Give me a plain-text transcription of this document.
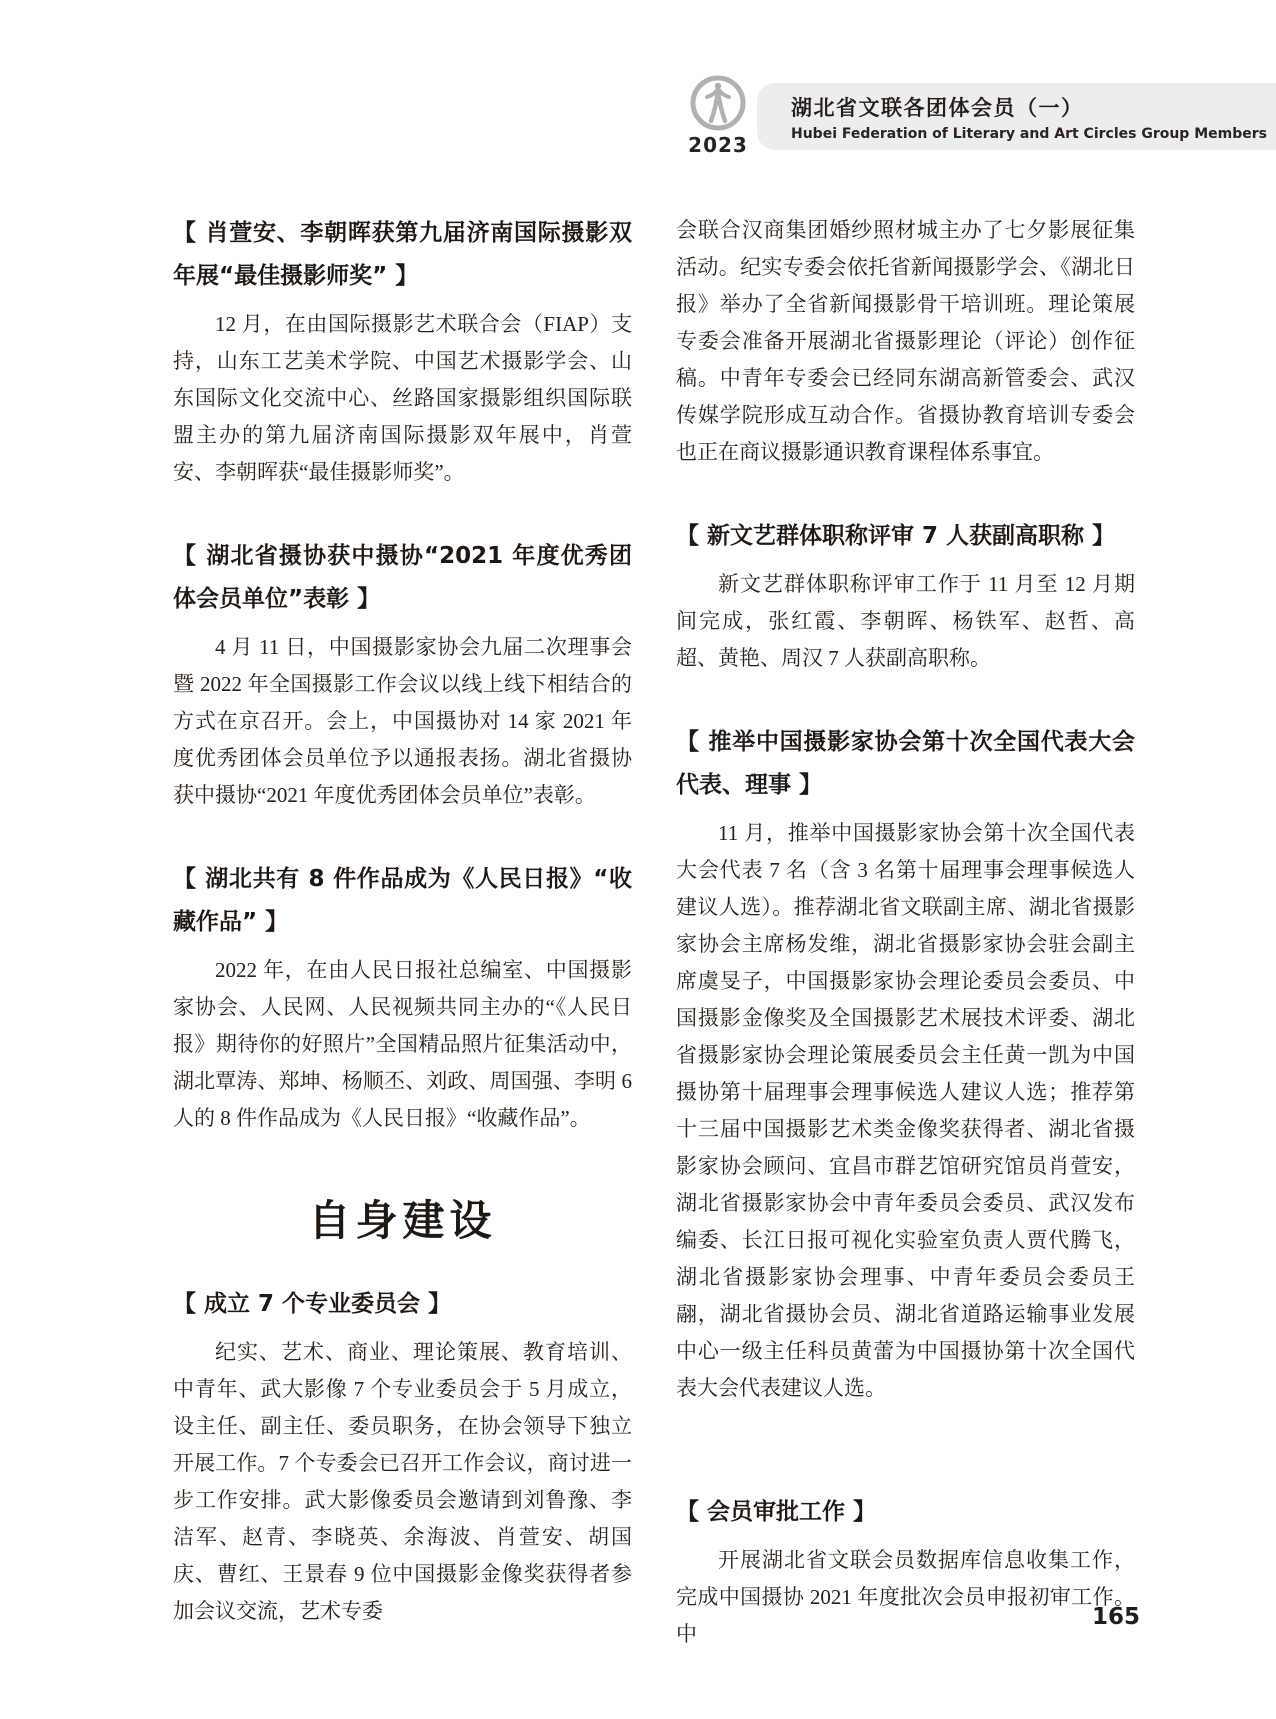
2023
湖北省文联各团体会员（一）
Hubei Federation of Literary and Art Circles Group Members
【 肖萱安、李朝晖获第九届济南国际摄影双年展“最佳摄影师奖” 】

12 月，在由国际摄影艺术联合会（FIAP）支持，山东工艺美术学院、中国艺术摄影学会、山东国际文化交流中心、丝路国家摄影组织国际联盟主办的第九届济南国际摄影双年展中，肖萱安、李朝晖获“最佳摄影师奖”。

【 湖北省摄协获中摄协“2021 年度优秀团体会员单位”表彰 】

4 月 11 日，中国摄影家协会九届二次理事会暨 2022 年全国摄影工作会议以线上线下相结合的方式在京召开。会上，中国摄协对 14 家 2021 年度优秀团体会员单位予以通报表扬。湖北省摄协获中摄协“2021 年度优秀团体会员单位”表彰。

【 湖北共有 8 件作品成为《人民日报》“收藏作品” 】

2022 年，在由人民日报社总编室、中国摄影家协会、人民网、人民视频共同主办的“《人民日报》期待你的好照片”全国精品照片征集活动中，湖北覃涛、郑坤、杨顺丕、刘政、周国强、李明 6 人的 8 件作品成为《人民日报》“收藏作品”。

自身建设
【 成立 7 个专业委员会 】

纪实、艺术、商业、理论策展、教育培训、中青年、武大影像 7 个专业委员会于 5 月成立，设主任、副主任、委员职务，在协会领导下独立开展工作。7 个专委会已召开工作会议，商讨进一步工作安排。武大影像委员会邀请到刘鲁豫、李洁军、赵青、李晓英、余海波、肖萱安、胡国庆、曹红、王景春 9 位中国摄影金像奖获得者参加会议交流，艺术专委

会联合汉商集团婚纱照材城主办了七夕影展征集活动。纪实专委会依托省新闻摄影学会、《湖北日报》举办了全省新闻摄影骨干培训班。理论策展专委会准备开展湖北省摄影理论（评论）创作征稿。中青年专委会已经同东湖高新管委会、武汉传媒学院形成互动合作。省摄协教育培训专委会也正在商议摄影通识教育课程体系事宜。

【 新文艺群体职称评审 7 人获副高职称 】

新文艺群体职称评审工作于 11 月至 12 月期间完成，张红霞、李朝晖、杨铁军、赵哲、高超、黄艳、周汉 7 人获副高职称。

【 推举中国摄影家协会第十次全国代表大会代表、理事 】

11 月，推举中国摄影家协会第十次全国代表大会代表 7 名（含 3 名第十届理事会理事候选人建议人选）。推荐湖北省文联副主席、湖北省摄影家协会主席杨发维，湖北省摄影家协会驻会副主席虞旻子，中国摄影家协会理论委员会委员、中国摄影金像奖及全国摄影艺术展技术评委、湖北省摄影家协会理论策展委员会主任黄一凯为中国摄协第十届理事会理事候选人建议人选；推荐第十三届中国摄影艺术类金像奖获得者、湖北省摄影家协会顾问、宜昌市群艺馆研究馆员肖萱安，湖北省摄影家协会中青年委员会委员、武汉发布编委、长江日报可视化实验室负责人贾代腾飞，湖北省摄影家协会理事、中青年委员会委员王翮，湖北省摄协会员、湖北省道路运输事业发展中心一级主任科员黄蕾为中国摄协第十次全国代表大会代表建议人选。

【 会员审批工作 】

开展湖北省文联会员数据库信息收集工作，完成中国摄协 2021 年度批次会员申报初审工作。中

165
